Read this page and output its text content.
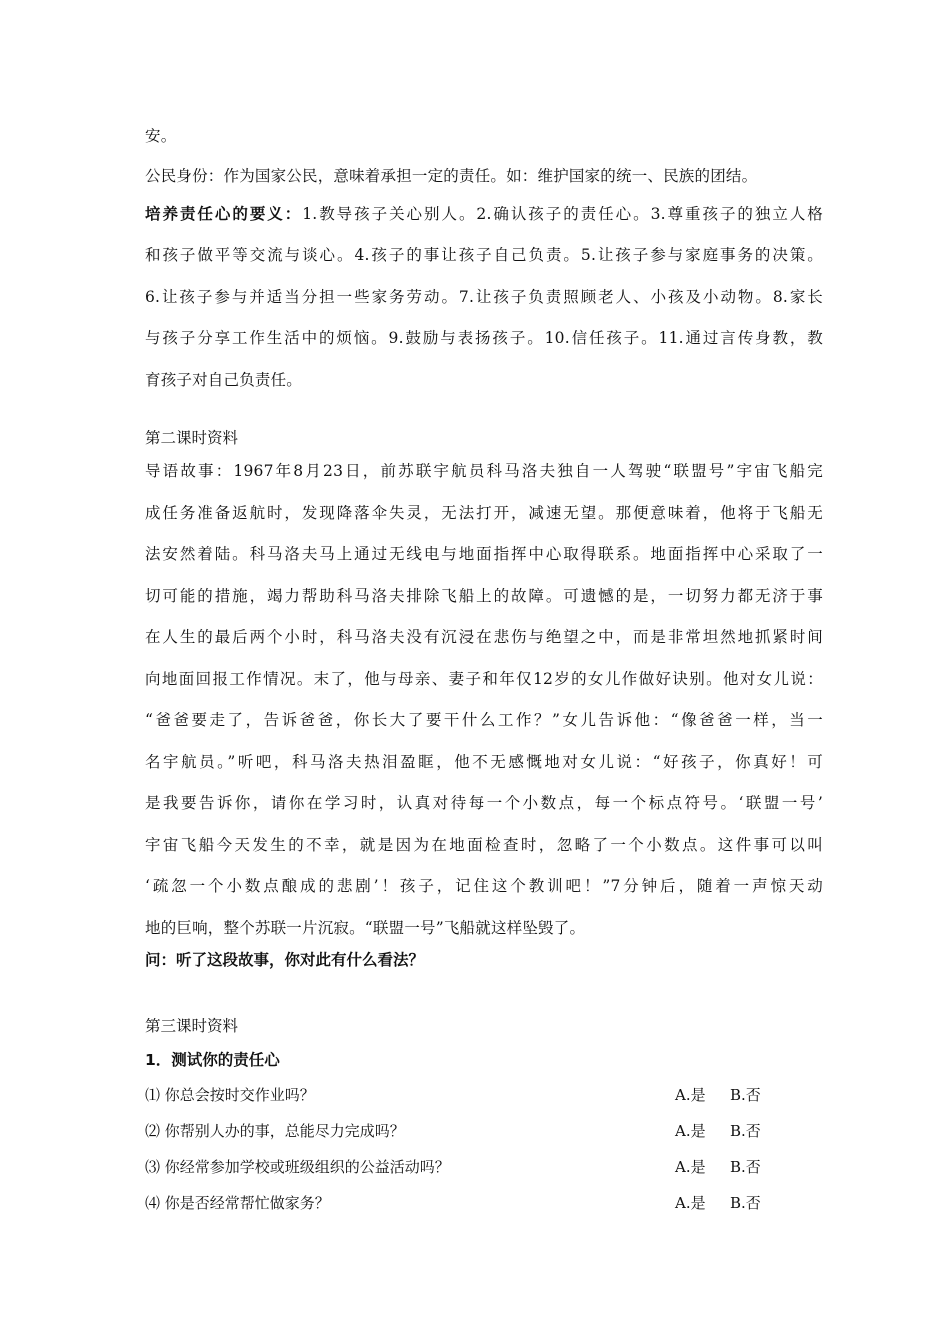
安。
公民身份：作为国家公民，意味着承担一定的责任。如：维护国家的统一、民族的团结。
培养责任心的要义：1.教导孩子关心别人。2.确认孩子的责任心。3.尊重孩子的独立人格
和孩子做平等交流与谈心。4.孩子的事让孩子自己负责。5.让孩子参与家庭事务的决策。
6.让孩子参与并适当分担一些家务劳动。7.让孩子负责照顾老人、小孩及小动物。8.家长
与孩子分享工作生活中的烦恼。9.鼓励与表扬孩子。10.信任孩子。11.通过言传身教，教
育孩子对自己负责任。
第二课时资料
导语故事：1967年8月23日，前苏联宇航员科马洛夫独自一人驾驶“联盟号”宇宙飞船完
成任务准备返航时，发现降落伞失灵，无法打开，减速无望。那便意味着，他将于飞船无
法安然着陆。科马洛夫马上通过无线电与地面指挥中心取得联系。地面指挥中心采取了一
切可能的措施，竭力帮助科马洛夫排除飞船上的故障。可遗憾的是，一切努力都无济于事
在人生的最后两个小时，科马洛夫没有沉浸在悲伤与绝望之中，而是非常坦然地抓紧时间
向地面回报工作情况。末了，他与母亲、妻子和年仅12岁的女儿作做好诀别。他对女儿说：
“爸爸要走了，告诉爸爸，你长大了要干什么工作？”女儿告诉他：“像爸爸一样，当一
名宇航员。”听吧，科马洛夫热泪盈眶，他不无感慨地对女儿说：“好孩子，你真好！可
是我要告诉你，请你在学习时，认真对待每一个小数点，每一个标点符号。‘联盟一号’
宇宙飞船今天发生的不幸，就是因为在地面检查时，忽略了一个小数点。这件事可以叫
‘疏忽一个小数点酿成的悲剧’！孩子，记住这个教训吧！”7分钟后，随着一声惊天动
地的巨响，整个苏联一片沉寂。“联盟一号”飞船就这样坠毁了。
问：听了这段故事，你对此有什么看法？
第三课时资料
1．测试你的责任心
⑴ 你总会按时交作业吗？	A.是 B.否
⑵ 你帮别人办的事，总能尽力完成吗？	A.是 B.否
⑶ 你经常参加学校或班级组织的公益活动吗？	A.是 B.否
⑷ 你是否经常帮忙做家务？	A.是 B.否
